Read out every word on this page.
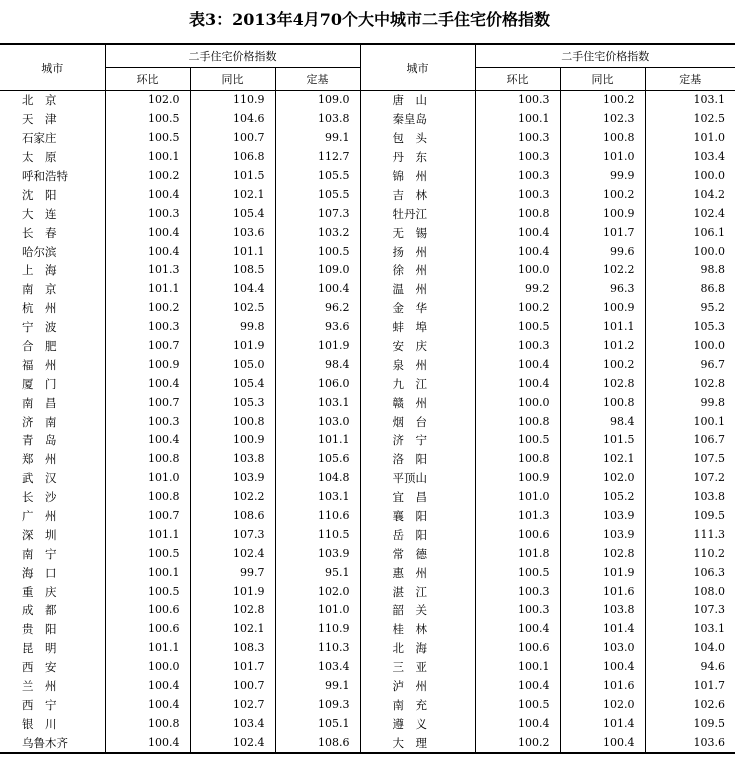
表3：2013年4月70个大中城市二手住宅价格指数
城市	二手住宅价格指数			城市	二手住宅价格指数		
	环比	同比	定基		环比	同比	定基
北　京	102.0	110.9	109.0	唐　山	100.3	100.2	103.1
天　津	100.5	104.6	103.8	秦皇岛	100.1	102.3	102.5
石家庄	100.5	100.7	99.1	包　头	100.3	100.8	101.0
太　原	100.1	106.8	112.7	丹　东	100.3	101.0	103.4
呼和浩特	100.2	101.5	105.5	锦　州	100.3	99.9	100.0
沈　阳	100.4	102.1	105.5	吉　林	100.3	100.2	104.2
大　连	100.3	105.4	107.3	牡丹江	100.8	100.9	102.4
长　春	100.4	103.6	103.2	无　锡	100.4	101.7	106.1
哈尔滨	100.4	101.1	100.5	扬　州	100.4	99.6	100.0
上　海	101.3	108.5	109.0	徐　州	100.0	102.2	98.8
南　京	101.1	104.4	100.4	温　州	99.2	96.3	86.8
杭　州	100.2	102.5	96.2	金　华	100.2	100.9	95.2
宁　波	100.3	99.8	93.6	蚌　埠	100.5	101.1	105.3
合　肥	100.7	101.9	101.9	安　庆	100.3	101.2	100.0
福　州	100.9	105.0	98.4	泉　州	100.4	100.2	96.7
厦　门	100.4	105.4	106.0	九　江	100.4	102.8	102.8
南　昌	100.7	105.3	103.1	赣　州	100.0	100.8	99.8
济　南	100.3	100.8	103.0	烟　台	100.8	98.4	100.1
青　岛	100.4	100.9	101.1	济　宁	100.5	101.5	106.7
郑　州	100.8	103.8	105.6	洛　阳	100.8	102.1	107.5
武　汉	101.0	103.9	104.8	平顶山	100.9	102.0	107.2
长　沙	100.8	102.2	103.1	宜　昌	101.0	105.2	103.8
广　州	100.7	108.6	110.6	襄　阳	101.3	103.9	109.5
深　圳	101.1	107.3	110.5	岳　阳	100.6	103.9	111.3
南　宁	100.5	102.4	103.9	常　德	101.8	102.8	110.2
海　口	100.1	99.7	95.1	惠　州	100.5	101.9	106.3
重　庆	100.5	101.9	102.0	湛　江	100.3	101.6	108.0
成　都	100.6	102.8	101.0	韶　关	100.3	103.8	107.3
贵　阳	100.6	102.1	110.9	桂　林	100.4	101.4	103.1
昆　明	101.1	108.3	110.3	北　海	100.6	103.0	104.0
西　安	100.0	101.7	103.4	三　亚	100.1	100.4	94.6
兰　州	100.4	100.7	99.1	泸　州	100.4	101.6	101.7
西　宁	100.4	102.7	109.3	南　充	100.5	102.0	102.6
银　川	100.8	103.4	105.1	遵　义	100.4	101.4	109.5
乌鲁木齐	100.4	102.4	108.6	大　理	100.2	100.4	103.6
